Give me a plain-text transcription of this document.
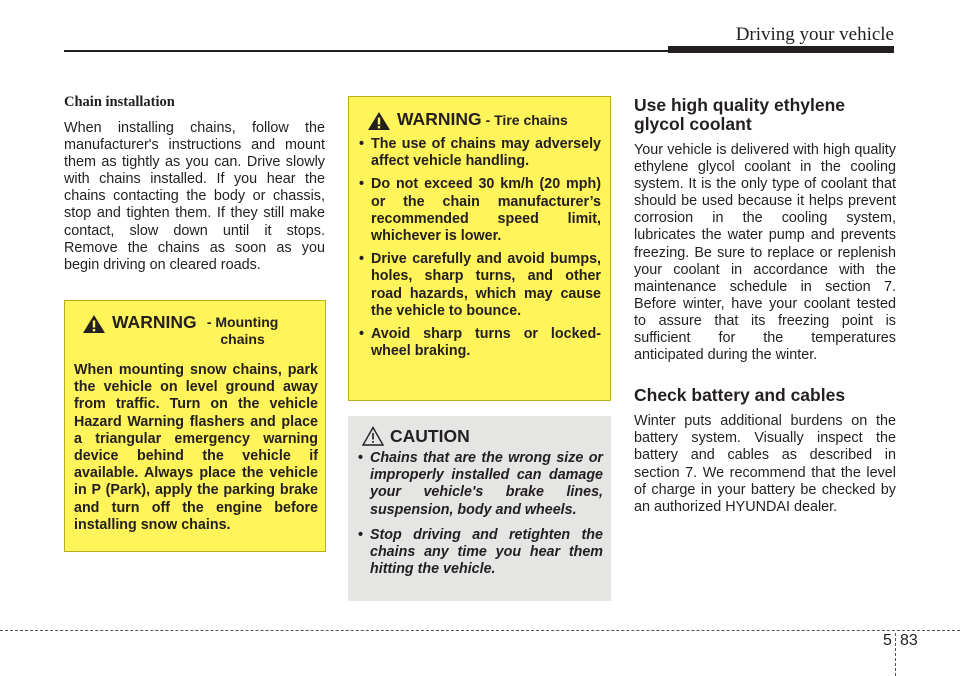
Driving your vehicle
Chain installation

When installing chains, follow the manufacturer's instructions and mount them as tightly as you can. Drive slowly with chains installed. If you hear the chains contacting the body or chassis, stop and tighten them. If they still make contact, slow down until it stops. Remove the chains as soon as you begin driving on cleared roads.

WARNING - Mounting chains

When mounting snow chains, park the vehicle on level ground away from traffic. Turn on the vehicle Hazard Warning flashers and place a triangular emergency warning device behind the vehicle if available. Always place the vehicle in P (Park), apply the parking brake and turn off the engine before installing snow chains.

WARNING - Tire chains
• The use of chains may adversely affect vehicle handling.
• Do not exceed 30 km/h (20 mph) or the chain manufacturer’s recommended speed limit, whichever is lower.
• Drive carefully and avoid bumps, holes, sharp turns, and other road hazards, which may cause the vehicle to bounce.
• Avoid sharp turns or locked-wheel braking.
CAUTION
• Chains that are the wrong size or improperly installed can damage your vehicle's brake lines, suspension, body and wheels.
• Stop driving and retighten the chains any time you hear them hitting the vehicle.
Use high quality ethylene glycol coolant

Your vehicle is delivered with high quality ethylene glycol coolant in the cooling system. It is the only type of coolant that should be used because it helps prevent corrosion in the cooling system, lubricates the water pump and prevents freezing. Be sure to replace or replenish your coolant in accordance with the maintenance schedule in section 7. Before winter, have your coolant tested to assure that its freezing point is sufficient for the temperatures anticipated during the winter.

Check battery and cables

Winter puts additional burdens on the battery system. Visually inspect the battery and cables as described in section 7. We recommend that the level of charge in your battery be checked by an authorized HYUNDAI dealer.

5 83
